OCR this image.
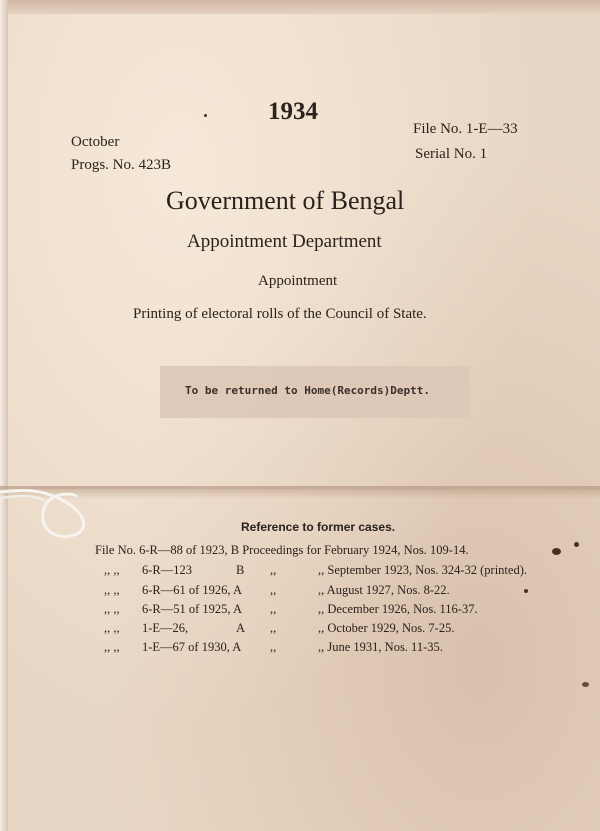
1934
October
Progs. No. 423B
File No. 1-E—33
Serial No. 1
Government of Bengal
Appointment Department
Appointment
Printing of electoral rolls of the Council of State.
To be returned to Home(Records)Deptt.
Reference to former cases.
File No. 6-R—88 of 1923, B Proceedings for February 1924, Nos. 109-14.
,, ,, 6-R—123	B ,,	,, September 1923, Nos. 324-32 (printed).
,, ,, 6-R—61 of 1926, A ,,	,, August 1927, Nos. 8-22.
,, ,, 6-R—51 of 1925, A ,,	,, December 1926, Nos. 116-37.
,, ,, 1-E—26,	A ,,	,, October 1929, Nos. 7-25.
,, ,, 1-E—67 of 1930, A ,,	,, June 1931, Nos. 11-35.
